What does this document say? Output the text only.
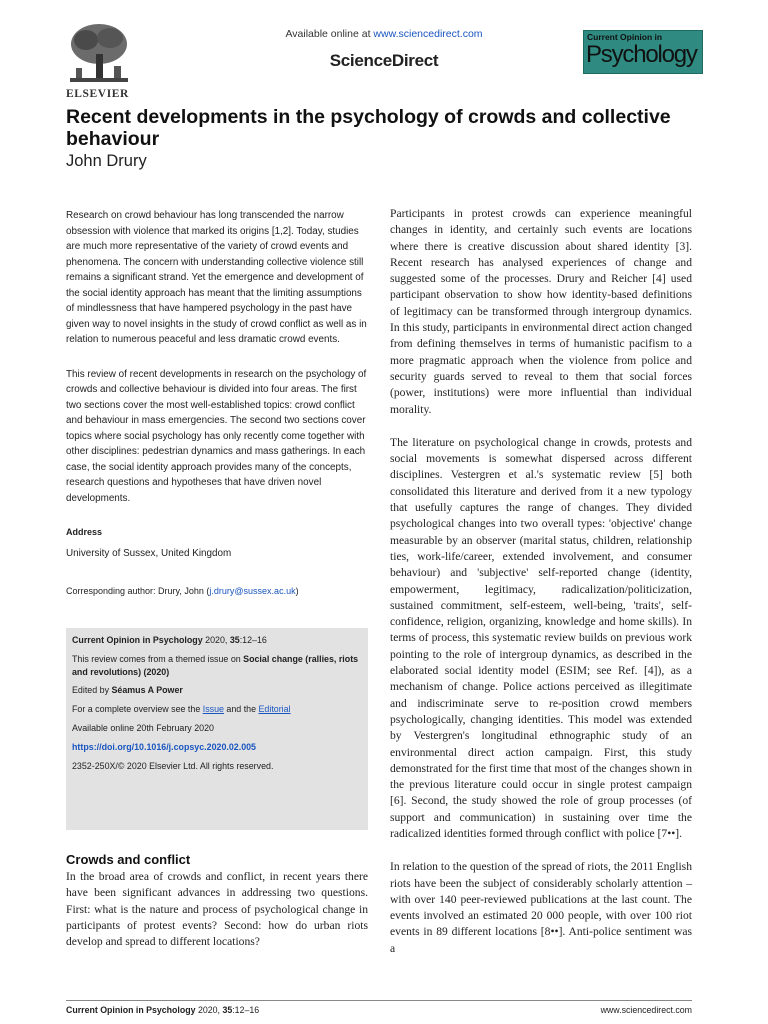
ELSEVIER
Available online at www.sciencedirect.com
ScienceDirect
Current Opinion in
Psychology
Recent developments in the psychology of crowds and collective behaviour
John Drury

Research on crowd behaviour has long transcended the narrow obsession with violence that marked its origins [1,2]. Today, studies are much more representative of the variety of crowd events and phenomena. The concern with understanding collective violence still remains a significant strand. Yet the emergence and development of the social identity approach has meant that the limiting assumptions of mindlessness that have hampered psychology in the past have given way to novel insights in the study of crowd conflict as well as in relation to numerous peaceful and less dramatic crowd events.

This review of recent developments in research on the psychology of crowds and collective behaviour is divided into four areas. The first two sections cover the most well-established topics: crowd conflict and behaviour in mass emergencies. The second two sections cover topics where social psychology has only recently come together with other disciplines: pedestrian dynamics and mass gatherings. In each case, the social identity approach provides many of the concepts, research questions and hypotheses that have driven novel developments.

Address
University of Sussex, United Kingdom
Corresponding author: Drury, John (j.drury@sussex.ac.uk)
Current Opinion in Psychology 2020, 35:12–16
This review comes from a themed issue on Social change (rallies, riots and revolutions) (2020)
Edited by Séamus A Power
For a complete overview see the Issue and the Editorial
Available online 20th February 2020
https://doi.org/10.1016/j.copsyc.2020.02.005
2352-250X/© 2020 Elsevier Ltd. All rights reserved.
Crowds and conflict
In the broad area of crowds and conflict, in recent years there have been significant advances in addressing two questions. First: what is the nature and process of psychological change in participants of protest events? Second: how do urban riots develop and spread to different locations?

Participants in protest crowds can experience meaningful changes in identity, and certainly such events are locations where there is creative discussion about shared identity [3]. Recent research has analysed experiences of change and suggested some of the processes. Drury and Reicher [4] used participant observation to show how identity-based definitions of legitimacy can be transformed through intergroup dynamics. In this study, participants in environmental direct action changed from defining themselves in terms of humanistic pacifism to a more pragmatic approach when the violence from police and security guards served to reveal to them that social forces (power, institutions) were more influential than individual morality.

The literature on psychological change in crowds, protests and social movements is somewhat dispersed across different disciplines. Vestergren et al.'s systematic review [5] both consolidated this literature and derived from it a new typology that usefully captures the range of changes. They divided psychological changes into two overall types: 'objective' change measurable by an observer (marital status, children, relationship ties, work-life/career, extended involvement, and consumer behaviour) and 'subjective' self-reported change (identity, empowerment, legitimacy, radicalization/politicization, sustained commitment, self-esteem, well-being, 'traits', self-confidence, religion, organizing, knowledge and home skills). In terms of process, this systematic review builds on previous work pointing to the role of intergroup dynamics, as described in the elaborated social identity model (ESIM; see Ref. [4]), as a mechanism of change. Police actions perceived as illegitimate and indiscriminate serve to re-position crowd members psychologically, changing identities. This model was extended by Vestergren's longitudinal ethnographic study of an environmental direct action campaign. First, this study demonstrated for the first time that most of the changes shown in the previous literature could occur in single protest campaign [6]. Second, the study showed the role of group processes (of support and communication) in sustaining over time the radicalized identities formed through conflict with police [7••].

In relation to the question of the spread of riots, the 2011 English riots have been the subject of considerably scholarly attention – with over 140 peer-reviewed publications at the last count. The events involved an estimated 20 000 people, with over 100 riot events in 89 different locations [8••]. Anti-police sentiment was a

Current Opinion in Psychology 2020, 35:12–16	www.sciencedirect.com
